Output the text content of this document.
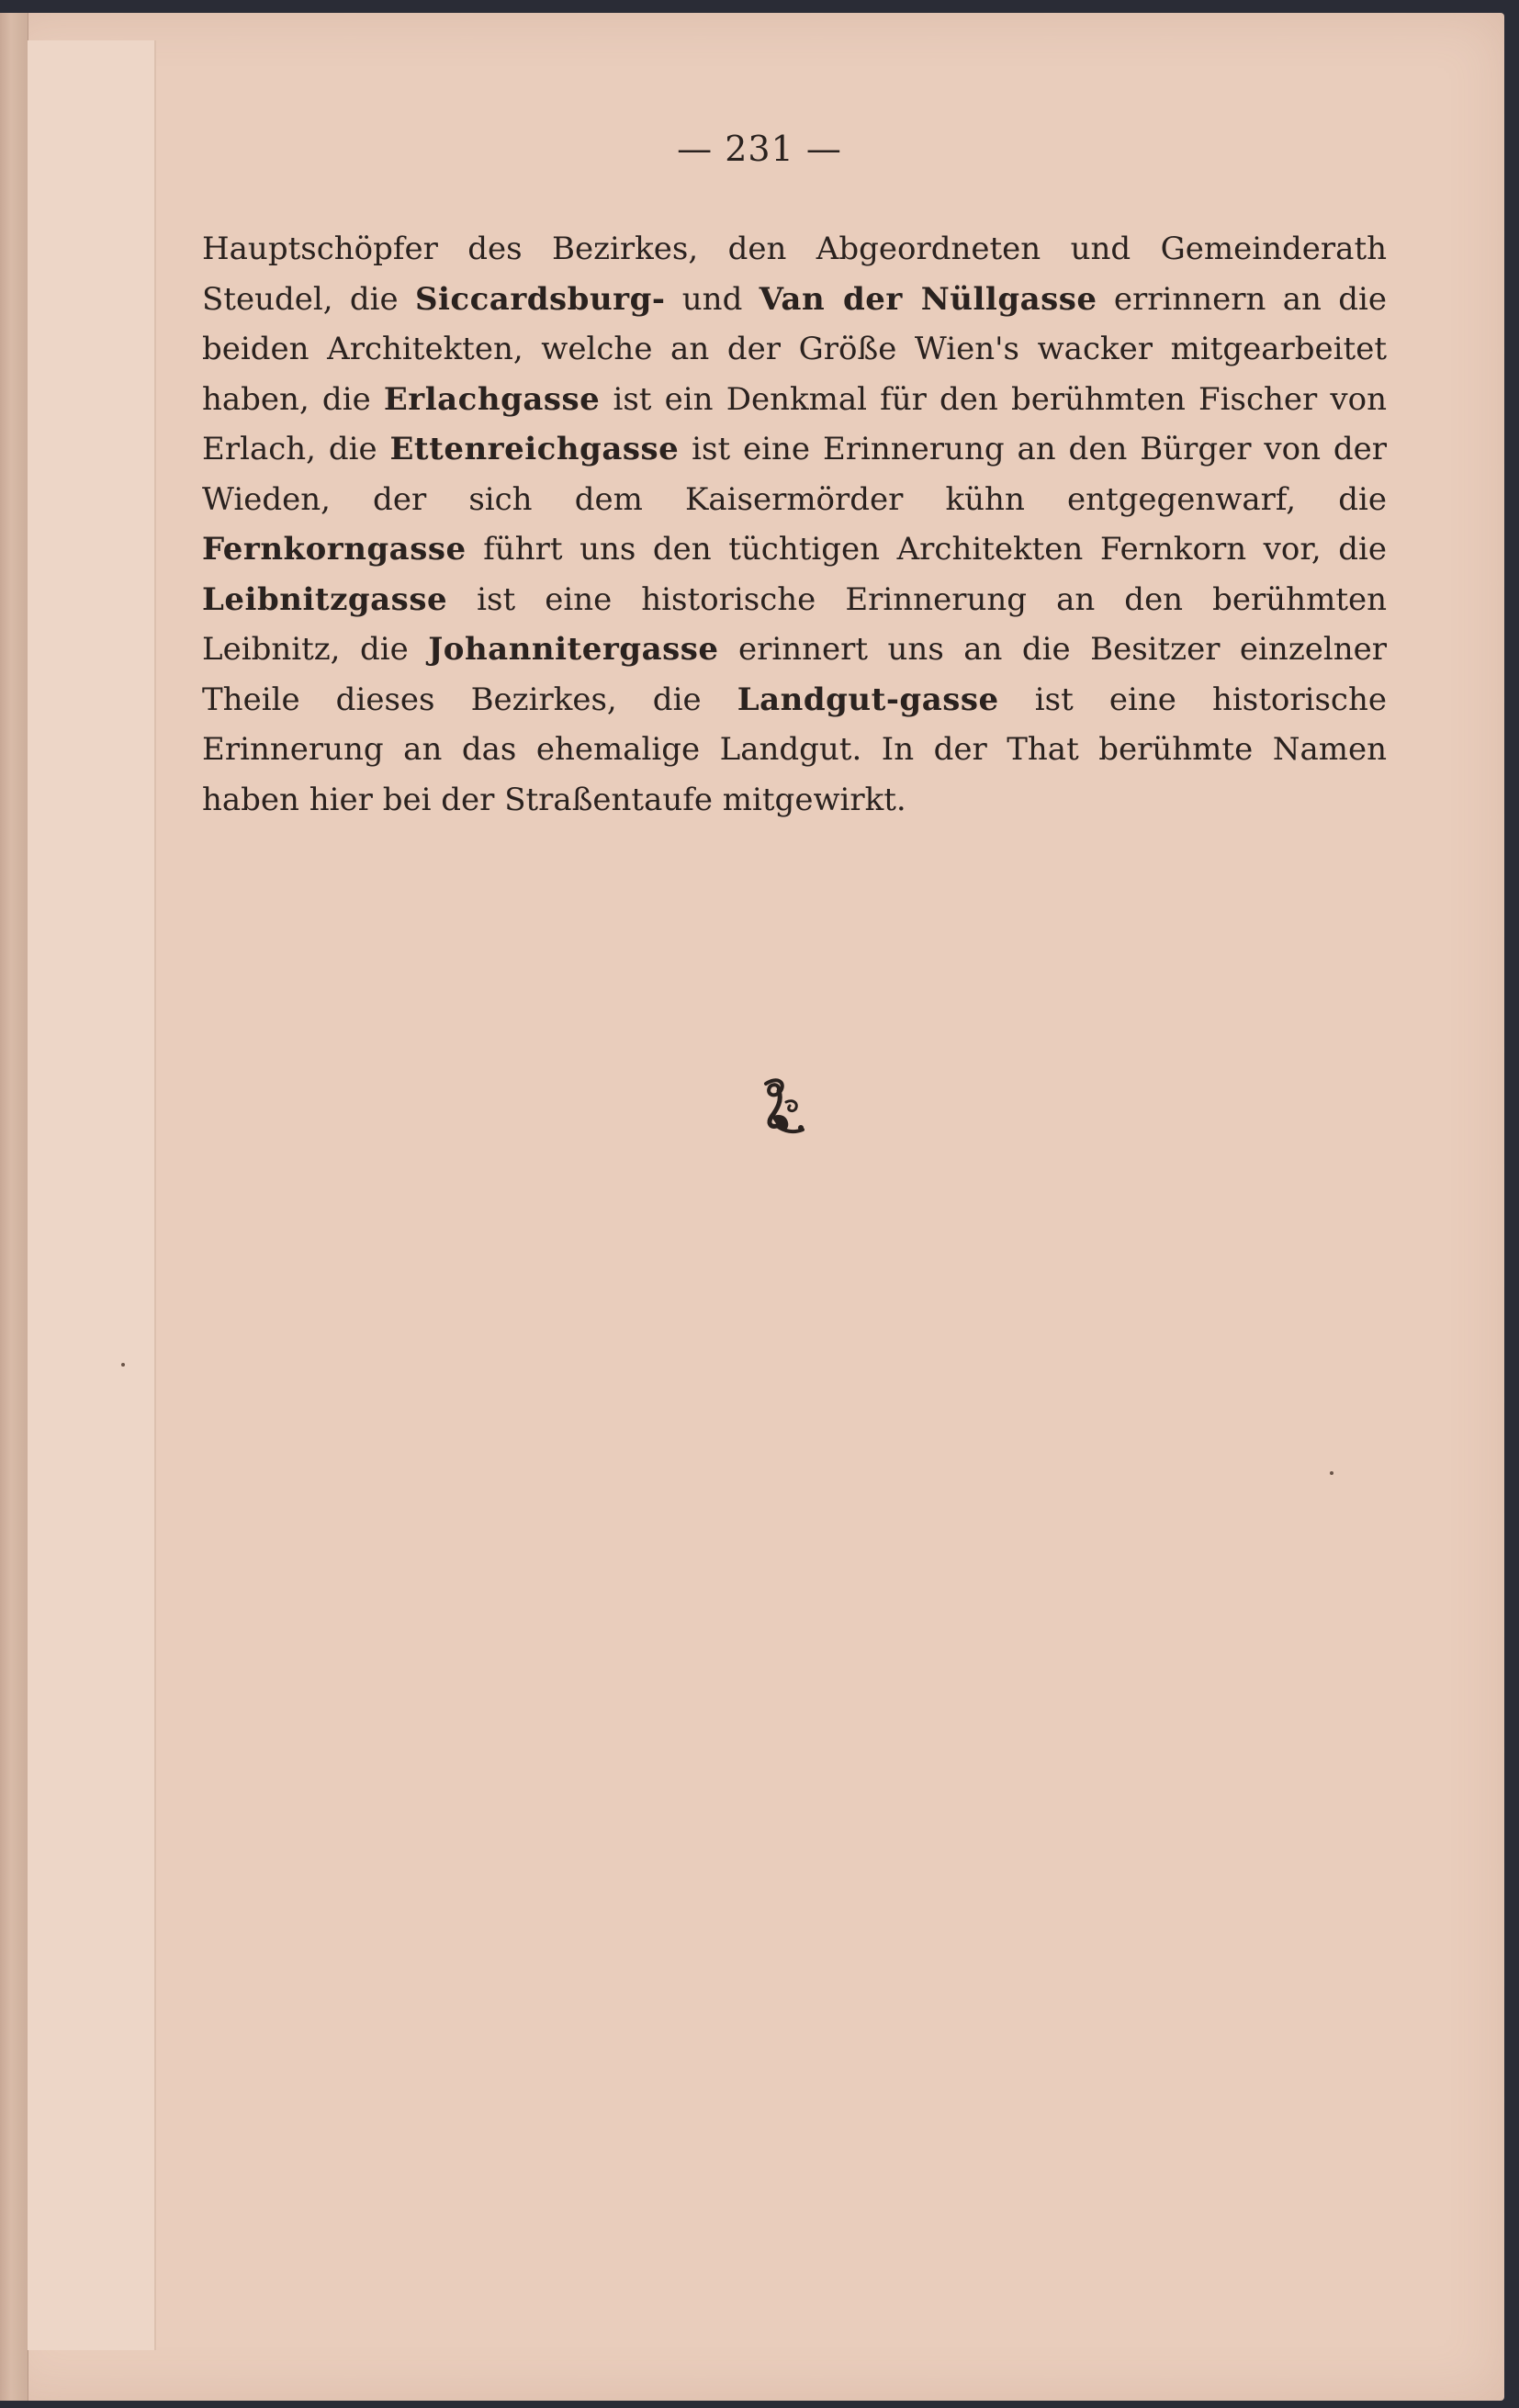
— 231 —

Hauptschöpfer des Bezirkes, den Abgeordneten und Gemeinderath Steudel, die Siccardsburg- und Van der Nüllgasse errinnern an die beiden Architekten, welche an der Größe Wien's wacker mitgearbeitet haben, die Erlachgasse ist ein Denkmal für den berühmten Fischer von Erlach, die Ettenreichgasse ist eine Erinnerung an den Bürger von der Wieden, der sich dem Kaisermörder kühn entgegenwarf, die Fernkorngasse führt uns den tüchtigen Architekten Fernkorn vor, die Leibnitzgasse ist eine historische Erinnerung an den berühmten Leibnitz, die Johannitergasse erinnert uns an die Besitzer einzelner Theile dieses Bezirkes, die Landgut-gasse ist eine historische Erinnerung an das ehemalige Landgut. In der That berühmte Namen haben hier bei der Straßentaufe mitgewirkt.
